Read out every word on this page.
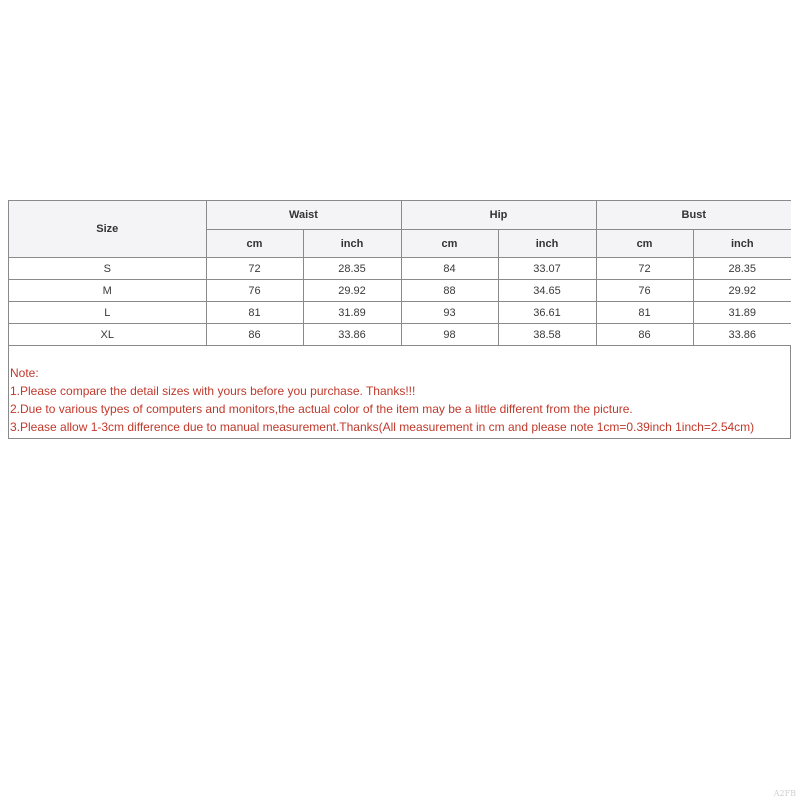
Size	Waist		Hip		Bust	
	cm	inch	cm	inch	cm	inch
S	72	28.35	84	33.07	72	28.35
M	76	29.92	88	34.65	76	29.92
L	81	31.89	93	36.61	81	31.89
XL	86	33.86	98	38.58	86	33.86
Note:
1.Please compare the detail sizes with yours before you purchase. Thanks!!!
2.Due to various types of computers and monitors,the actual color of the item may be a little different from the picture.
3.Please allow 1-3cm difference due to manual measurement.Thanks(All measurement in cm and please note 1cm=0.39inch 1inch=2.54cm)
A2FB
